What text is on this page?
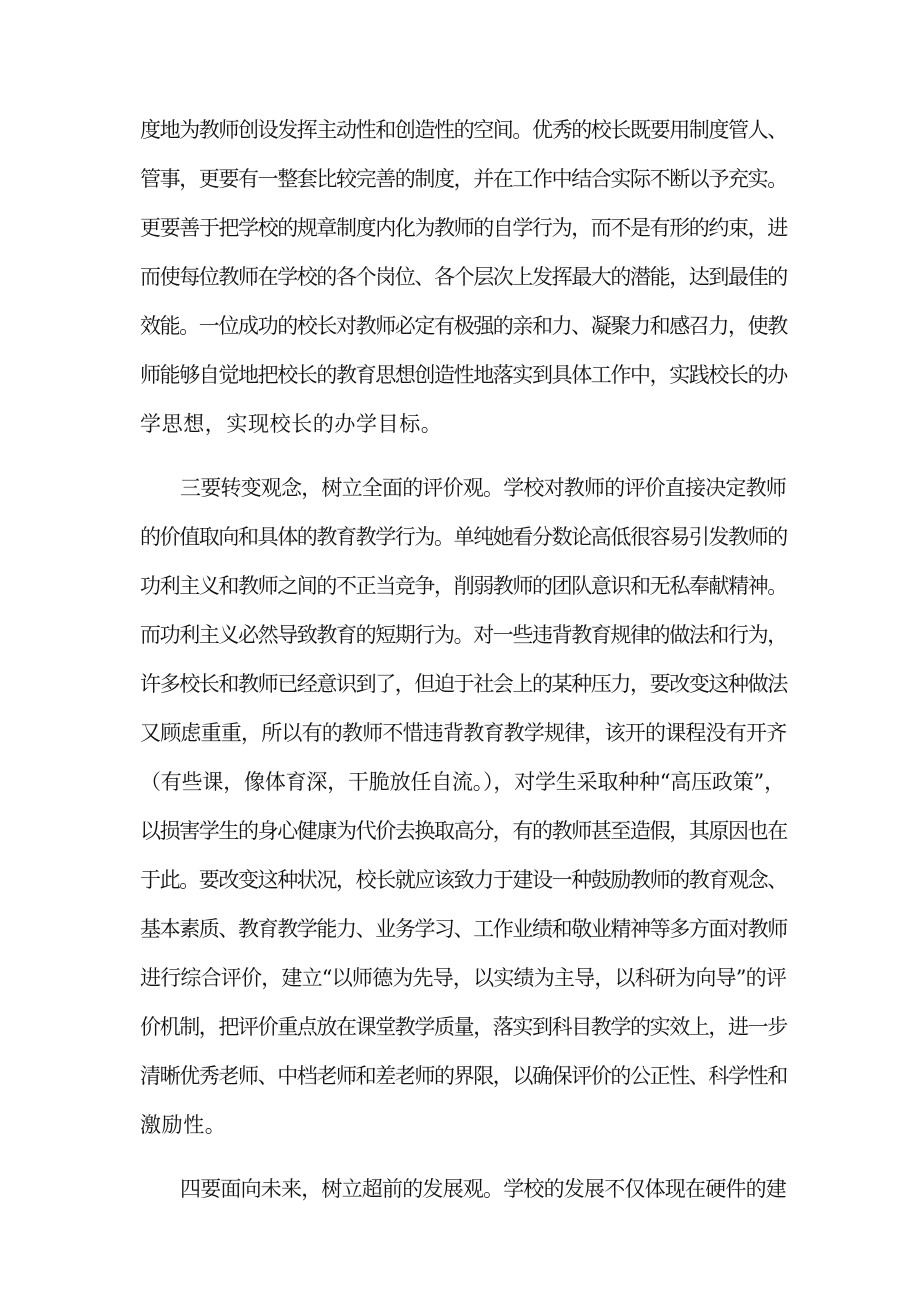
度地为教师创设发挥主动性和创造性的空间。优秀的校长既要用制度管人、
管事，更要有一整套比较完善的制度，并在工作中结合实际不断以予充实。
更要善于把学校的规章制度内化为教师的自学行为，而不是有形的约束，进
而使每位教师在学校的各个岗位、各个层次上发挥最大的潜能，达到最佳的
效能。一位成功的校长对教师必定有极强的亲和力、凝聚力和感召力，使教
师能够自觉地把校长的教育思想创造性地落实到具体工作中，实践校长的办
学思想，实现校长的办学目标。
三要转变观念，树立全面的评价观。学校对教师的评价直接决定教师
的价值取向和具体的教育教学行为。单纯她看分数论高低很容易引发教师的
功利主义和教师之间的不正当竞争，削弱教师的团队意识和无私奉献精神。
而功利主义必然导致教育的短期行为。对一些违背教育规律的做法和行为，
许多校长和教师已经意识到了，但迫于社会上的某种压力，要改变这种做法
又顾虑重重，所以有的教师不惜违背教育教学规律，该开的课程没有开齐
（有些课，像体育深，干脆放任自流。），对学生采取种种“高压政策”，
以损害学生的身心健康为代价去换取高分，有的教师甚至造假，其原因也在
于此。要改变这种状况，校长就应该致力于建设一种鼓励教师的教育观念、
基本素质、教育教学能力、业务学习、工作业绩和敬业精神等多方面对教师
进行综合评价，建立“以师德为先导，以实绩为主导，以科研为向导”的评
价机制，把评价重点放在课堂教学质量，落实到科目教学的实效上，进一步
清晰优秀老师、中档老师和差老师的界限，以确保评价的公正性、科学性和
激励性。
四要面向未来，树立超前的发展观。学校的发展不仅体现在硬件的建
